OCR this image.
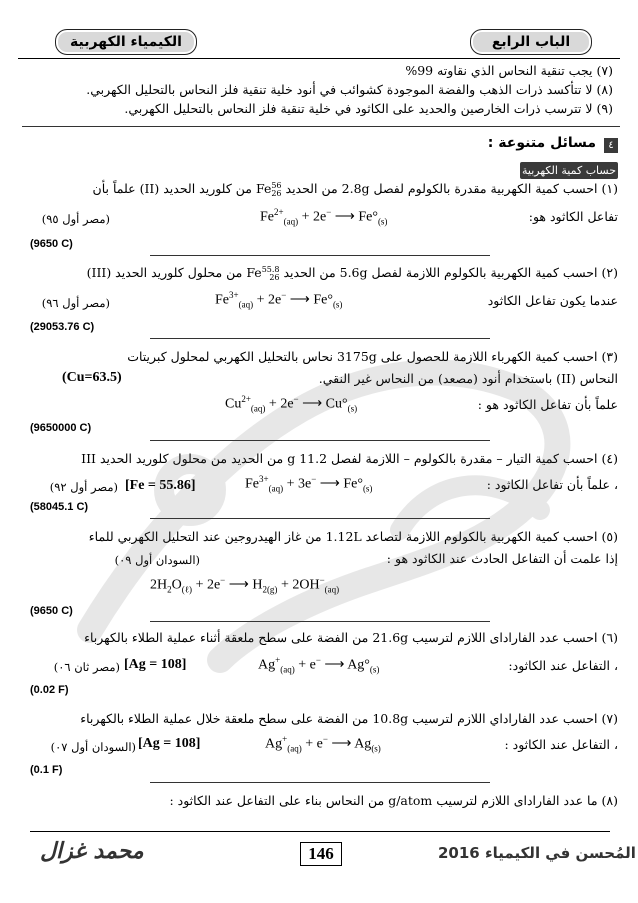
الكيمياء الكهربية	الباب الرابع
(٧) يجب تنقية النحاس الذي نقاوته 99%
(٨) لا تتأكسد ذرات الذهب والفضة الموجودة كشوائب في أنود خلية تنقية فلز النحاس بالتحليل الكهربي.
(٩) لا تترسب ذرات الخارصين والحديد على الكاثود في خلية تنقية فلز النحاس بالتحليل الكهربي.
٤
مسائل متنوعة :
حساب كمية الكهربية
(١) احسب كمية الكهربية مقدرة بالكولوم لفصل 2.8g من الحديد 56
26Fe من كلوريد الحديد (II) علماً بأن
تفاعل الكاثود هو:
$Fe^{2+}_{(aq)} + 2e^-$ ⟶ $Fe^\circ_{(s)}$
(مصر أول ٩٥)
(9650 C)
(٢) احسب كمية الكهربية بالكولوم اللازمة لفصل 5.6g من الحديد 55.8
26Fe من محلول كلوريد الحديد (III)
عندما يكون تفاعل الكاثود
$Fe^{3+}_{(aq)} + 2e^-$ ⟶ $Fe^\circ_{(s)}$
(مصر أول ٩٦)
(29053.76 C)
(٣) احسب كمية الكهرباء اللازمة للحصول على 3175g نحاس بالتحليل الكهربي لمحلول كبريتات
النحاس (II) باستخدام أنود (مصعد) من النحاس غير النقي.
(Cu=63.5)
علماً بأن تفاعل الكاثود هو :
$Cu^{2+}_{(aq)} + 2e^-$ ⟶ $Cu^\circ_{(s)}$
(9650000 C)
(٤) احسب كمية التيار – مقدرة بالكولوم – اللازمة لفصل 11.2 g من الحديد من محلول كلوريد الحديد III
، علماً بأن تفاعل الكاثود :
$Fe^{3+}_{(aq)} + 3e^-$ ⟶ $Fe^\circ_{(s)}$
[Fe = 55.86]
(مصر أول ٩٢)
(58045.1 C)
(٥) احسب كمية الكهربية بالكولوم اللازمة لتصاعد 1.12L من غاز الهيدروجين عند التحليل الكهربي للماء
إذا علمت أن التفاعل الحادث عند الكاثود هو :
(السودان أول ٠٩)
$2H_2O_{(\ell)} + 2e^-$ ⟶ $H_{2(g)} + 2OH^-_{(aq)}$
(9650 C)
(٦) احسب عدد الفارادای اللازم لترسيب 21.6g من الفضة على سطح ملعقة أثناء عملية الطلاء بالكهرباء
، التفاعل عند الكاثود:
$Ag^+_{(aq)} + e^-$ ⟶ $Ag^\circ_{(s)}$
[Ag = 108]
(مصر ثان ٠٦)
(0.02 F)
(٧) احسب عدد الفاراداي اللازم لترسيب 10.8g من الفضة على سطح ملعقة خلال عملية الطلاء بالكهرباء
، التفاعل عند الكاثود :
$Ag^+_{(aq)} + e^-$ ⟶ $Ag_{(s)}$
[Ag = 108]
(السودان أول ٠٧)
(0.1 F)
(٨) ما عدد الفارادای اللازم لترسيب g/atom من النحاس بناء على التفاعل عند الكاثود :
محمد غزال	146	2016 المُحسن في الكيمياء
